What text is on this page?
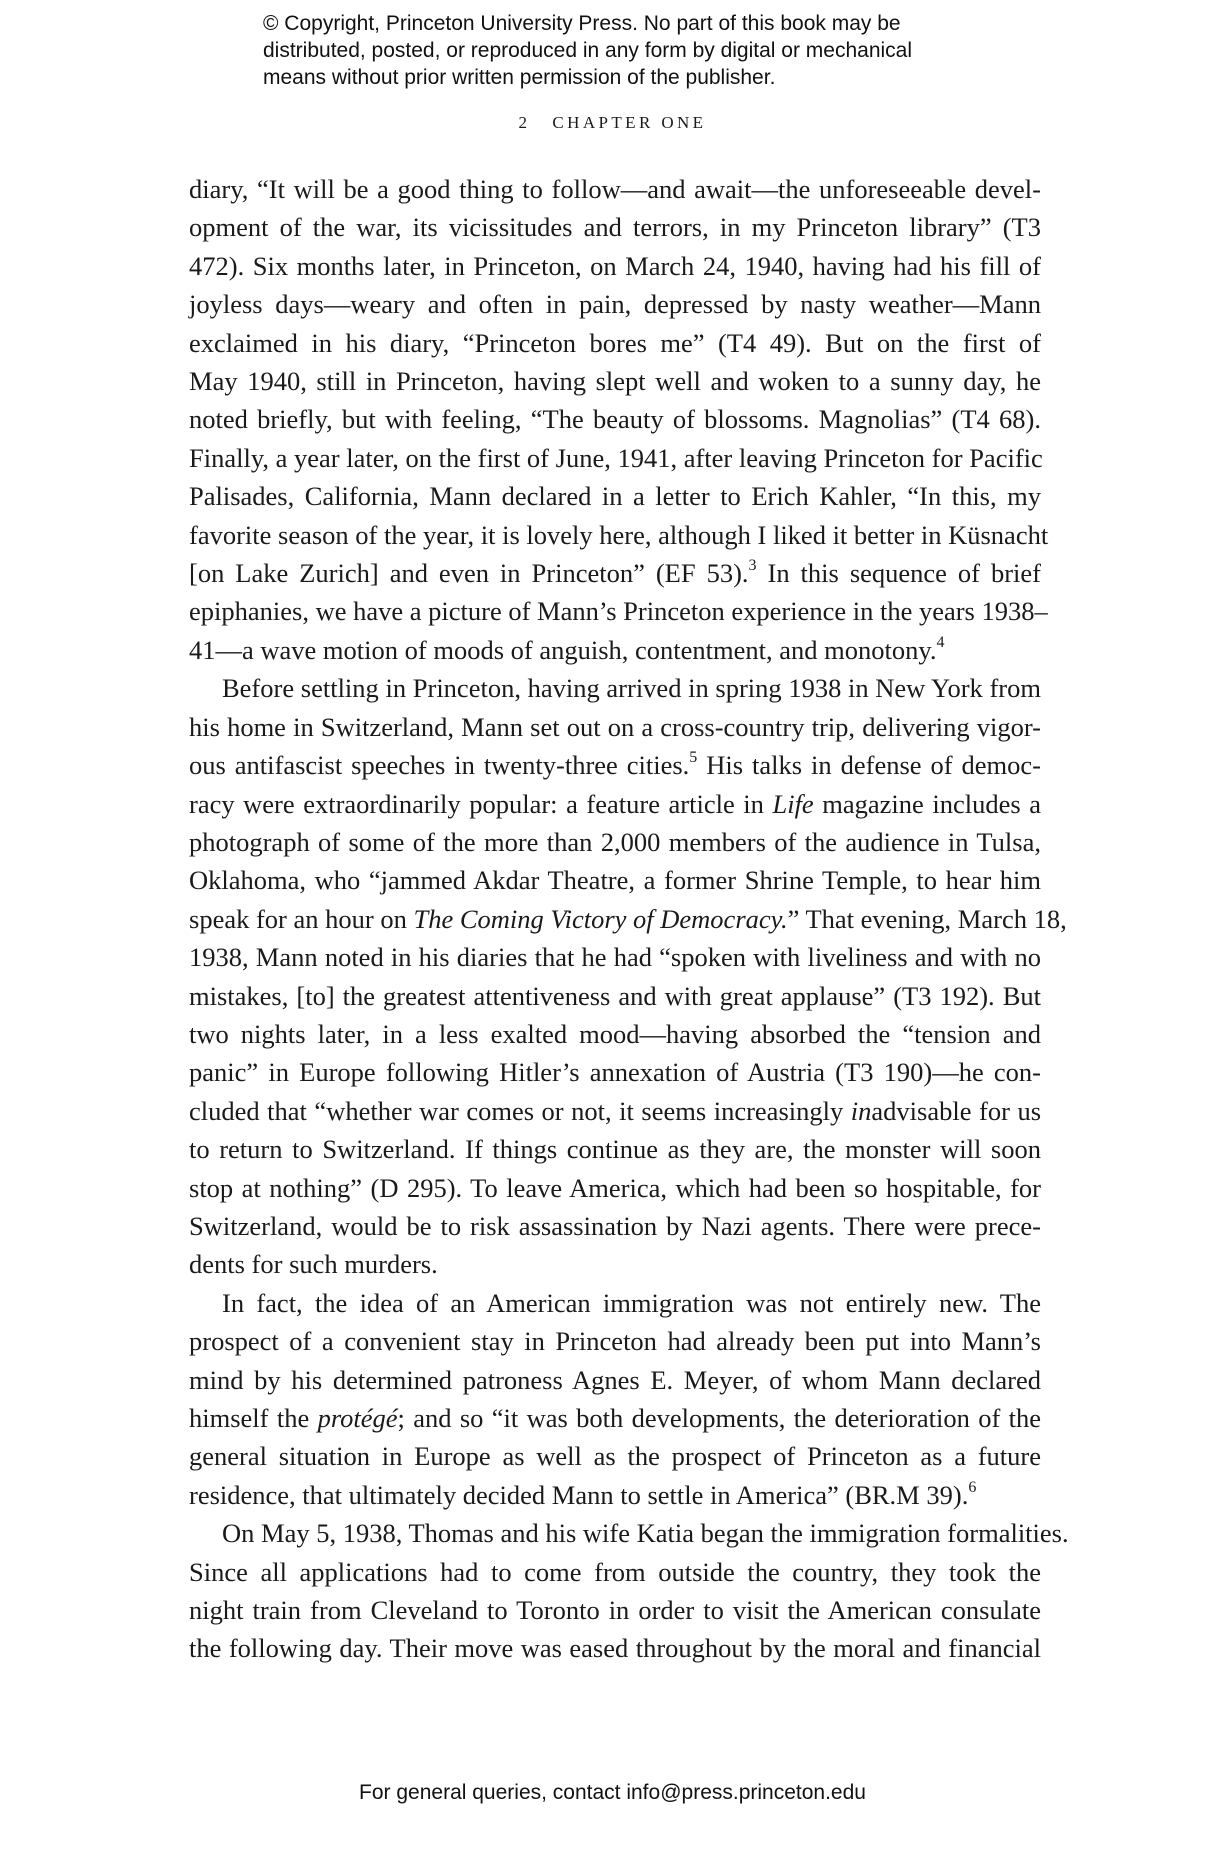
© Copyright, Princeton University Press. No part of this book may be
distributed, posted, or reproduced in any form by digital or mechanical
means without prior written permission of the publisher.
2 CHAPTER ONE

diary, “It will be a good thing to follow—and await—the unforeseeable devel-
opment of the war, its vicissitudes and terrors, in my Princeton library” (T3
472). Six months later, in Princeton, on March 24, 1940, having had his fill of
joyless days—weary and often in pain, depressed by nasty weather—Mann
exclaimed in his diary, “Princeton bores me” (T4 49). But on the first of
May 1940, still in Princeton, having slept well and woken to a sunny day, he
noted briefly, but with feeling, “The beauty of blossoms. Magnolias” (T4 68).
Finally, a year later, on the first of June, 1941, after leaving Princeton for Pacific
Palisades, California, Mann declared in a letter to Erich Kahler, “In this, my
favorite season of the year, it is lovely here, although I liked it better in Küsnacht
[on Lake Zurich] and even in Princeton” (EF 53).$^3$ In this sequence of brief
epiphanies, we have a picture of Mann’s Princeton experience in the years 1938–
41—a wave motion of moods of anguish, contentment, and monotony.$^4$

Before settling in Princeton, having arrived in spring 1938 in New York from
his home in Switzerland, Mann set out on a cross-country trip, delivering vigor-
ous antifascist speeches in twenty-three cities.$^5$ His talks in defense of democ-
racy were extraordinarily popular: a feature article in Life magazine includes a
photograph of some of the more than 2,000 members of the audience in Tulsa,
Oklahoma, who “jammed Akdar Theatre, a former Shrine Temple, to hear him
speak for an hour on The Coming Victory of Democracy.” That evening, March 18,
1938, Mann noted in his diaries that he had “spoken with liveliness and with no
mistakes, [to] the greatest attentiveness and with great applause” (T3 192). But
two nights later, in a less exalted mood—having absorbed the “tension and
panic” in Europe following Hitler’s annexation of Austria (T3 190)—he con-
cluded that “whether war comes or not, it seems increasingly inadvisable for us
to return to Switzerland. If things continue as they are, the monster will soon
stop at nothing” (D 295). To leave America, which had been so hospitable, for
Switzerland, would be to risk assassination by Nazi agents. There were prece-
dents for such murders.

In fact, the idea of an American immigration was not entirely new. The
prospect of a convenient stay in Princeton had already been put into Mann’s
mind by his determined patroness Agnes E. Meyer, of whom Mann declared
himself the protégé; and so “it was both developments, the deterioration of the
general situation in Europe as well as the prospect of Princeton as a future
residence, that ultimately decided Mann to settle in America” (BR.M 39).$^6$

On May 5, 1938, Thomas and his wife Katia began the immigration formalities.
Since all applications had to come from outside the country, they took the
night train from Cleveland to Toronto in order to visit the American consulate
the following day. Their move was eased throughout by the moral and financial

For general queries, contact info@press.princeton.edu
